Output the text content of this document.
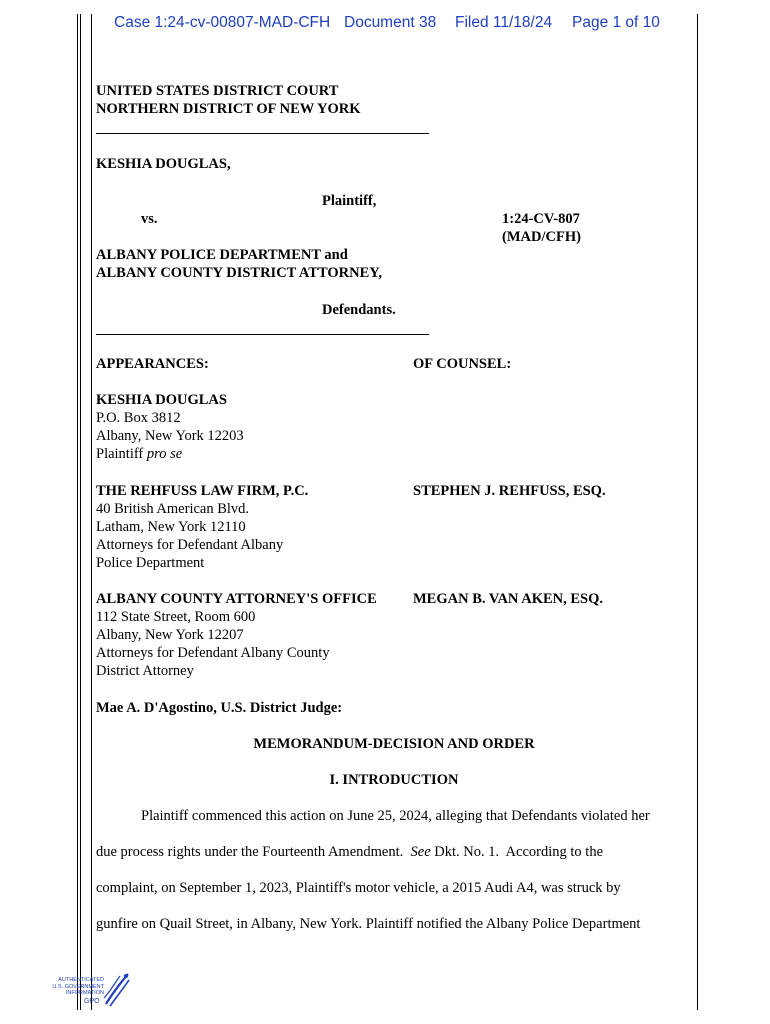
Case 1:24-cv-00807-MAD-CFH Document 38 Filed 11/18/24 Page 1 of 10
UNITED STATES DISTRICT COURT
NORTHERN DISTRICT OF NEW YORK
KESHIA DOUGLAS,
Plaintiff,
vs.	1:24-CV-807
(MAD/CFH)
ALBANY POLICE DEPARTMENT and
ALBANY COUNTY DISTRICT ATTORNEY,
Defendants.
APPEARANCES:	OF COUNSEL:
KESHIA DOUGLAS
P.O. Box 3812
Albany, New York 12203
Plaintiff pro se
THE REHFUSS LAW FIRM, P.C.	STEPHEN J. REHFUSS, ESQ.
40 British American Blvd.
Latham, New York 12110
Attorneys for Defendant Albany
Police Department
ALBANY COUNTY ATTORNEY'S OFFICE MEGAN B. VAN AKEN, ESQ.
112 State Street, Room 600
Albany, New York 12207
Attorneys for Defendant Albany County
District Attorney
Mae A. D'Agostino, U.S. District Judge:
MEMORANDUM-DECISION AND ORDER
I. INTRODUCTION
Plaintiff commenced this action on June 25, 2024, alleging that Defendants violated her
due process rights under the Fourteenth Amendment.  See Dkt. No. 1.  According to the
complaint, on September 1, 2023, Plaintiff's motor vehicle, a 2015 Audi A4, was struck by
gunfire on Quail Street, in Albany, New York. Plaintiff notified the Albany Police Department
AUTHENTICATED
U.S. GOVERNMENT
INFORMATION
GPO
